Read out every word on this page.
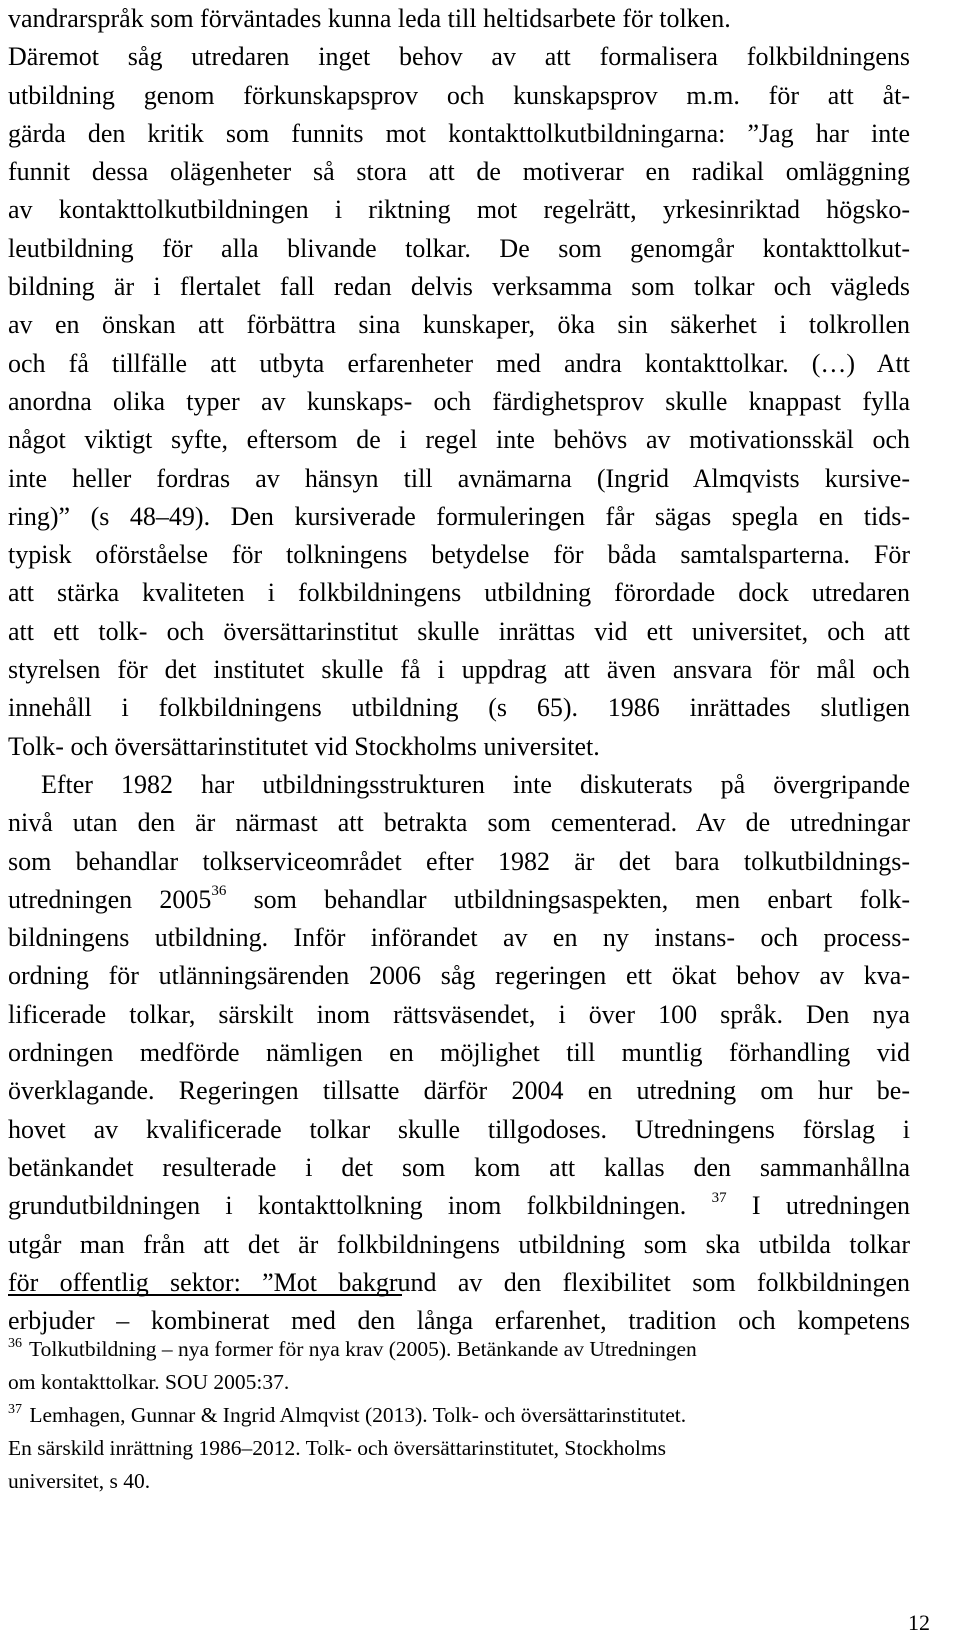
vandrarspråk som förväntades kunna leda till heltidsarbete för tolken.
Däremot såg utredaren inget behov av att formalisera folkbildningens
utbildning genom förkunskapsprov och kunskapsprov m.m. för att åt-
gärda den kritik som funnits mot kontakttolkutbildningarna: ”Jag har inte
funnit dessa olägenheter så stora att de motiverar en radikal omläggning
av kontakttolkutbildningen i riktning mot regelrätt, yrkesinriktad högsko-
leutbildning för alla blivande tolkar. De som genomgår kontakttolkut-
bildning är i flertalet fall redan delvis verksamma som tolkar och vägleds
av en önskan att förbättra sina kunskaper, öka sin säkerhet i tolkrollen
och få tillfälle att utbyta erfarenheter med andra kontakttolkar. (…) Att
anordna olika typer av kunskaps- och färdighetsprov skulle knappast fylla
något viktigt syfte, eftersom de i regel inte behövs av motivationsskäl och
inte heller fordras av hänsyn till avnämarna (Ingrid Almqvists kursive-
ring)” (s 48–49). Den kursiverade formuleringen får sägas spegla en tids-
typisk oförståelse för tolkningens betydelse för båda samtalsparterna. För
att stärka kvaliteten i folkbildningens utbildning förordade dock utredaren
att ett tolk- och översättarinstitut skulle inrättas vid ett universitet, och att
styrelsen för det institutet skulle få i uppdrag att även ansvara för mål och
innehåll i folkbildningens utbildning (s 65). 1986 inrättades slutligen
Tolk- och översättarinstitutet vid Stockholms universitet.
Efter 1982 har utbildningsstrukturen inte diskuterats på övergripande
nivå utan den är närmast att betrakta som cementerad. Av de utredningar
som behandlar tolkserviceområdet efter 1982 är det bara tolkutbildnings-
utredningen 2005$^{36}$ som behandlar utbildningsaspekten, men enbart folk-
bildningens utbildning. Inför införandet av en ny instans- och process-
ordning för utlänningsärenden 2006 såg regeringen ett ökat behov av kva-
lificerade tolkar, särskilt inom rättsväsendet, i över 100 språk. Den nya
ordningen medförde nämligen en möjlighet till muntlig förhandling vid
överklagande. Regeringen tillsatte därför 2004 en utredning om hur be-
hovet av kvalificerade tolkar skulle tillgodoses. Utredningens förslag i
betänkandet resulterade i det som kom att kallas den sammanhållna
grundutbildningen i kontakttolkning inom folkbildningen. $^{37}$ I utredningen
utgår man från att det är folkbildningens utbildning som ska utbilda tolkar
för offentlig sektor: ”Mot bakgrund av den flexibilitet som folkbildningen
erbjuder – kombinerat med den långa erfarenhet, tradition och kompetens
$^{36}$ Tolkutbildning – nya former för nya krav (2005). Betänkande av Utredningen
om kontakttolkar. SOU 2005:37.
$^{37}$ Lemhagen, Gunnar & Ingrid Almqvist (2013). Tolk- och översättarinstitutet.
En särskild inrättning 1986–2012. Tolk- och översättarinstitutet, Stockholms
universitet, s 40.
12
